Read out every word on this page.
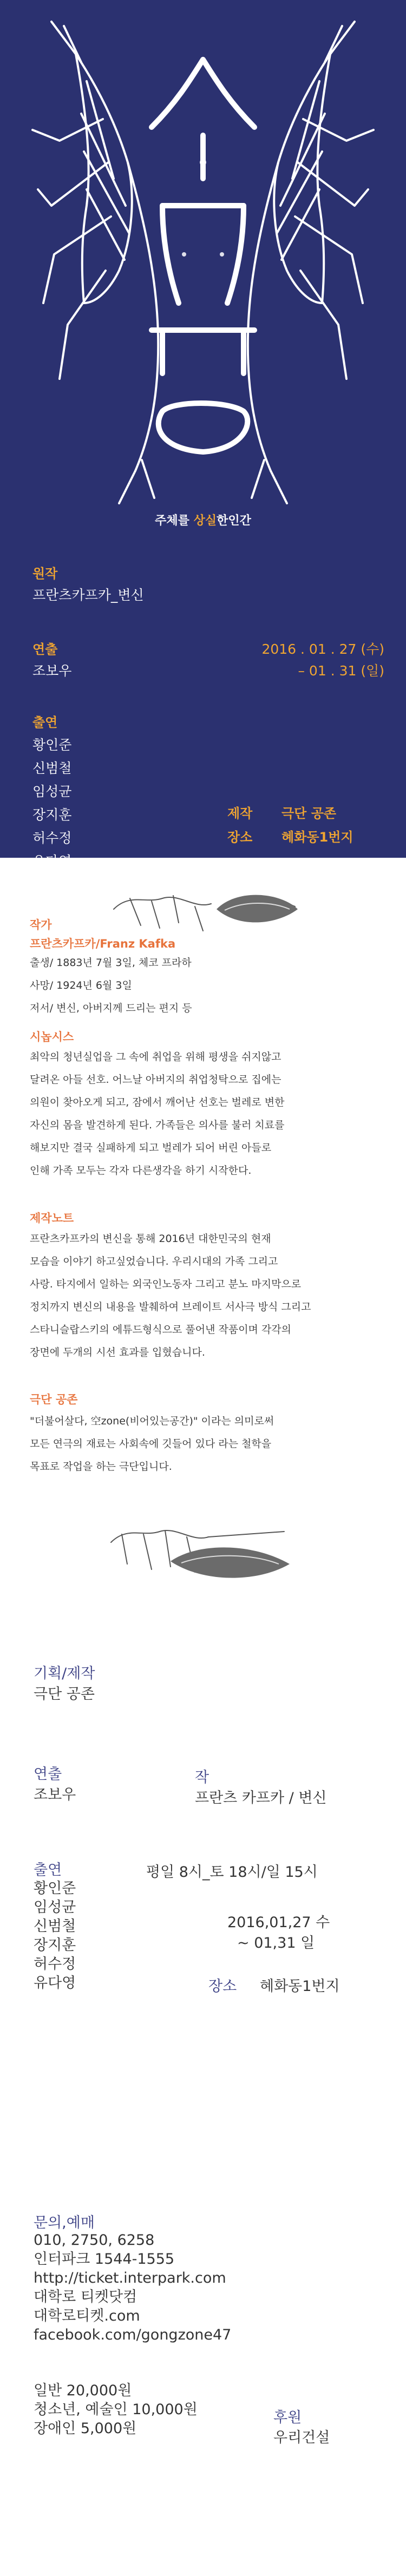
주체를 상실한인간
원작
프란츠카프카_변신
연출
조보우
2016 . 01 . 27 (수)
– 01 . 31 (일)
출연
황인준
신범철
임성균
장지훈
허수정
유다영
제작 극단 공존
장소 혜화동1번지
작가
프란츠카프카/Franz Kafka
출생/ 1883년 7월 3일, 체코 프라하
사망/ 1924년 6월 3일
저서/ 변신, 아버지께 드리는 편지 등
시놉시스
최악의 청년실업을 그 속에 취업을 위해 평생을 쉬지않고
달려온 아들 선호. 어느날 아버지의 취업청탁으로 집에는
의원이 찾아오게 되고, 잠에서 깨어난 선호는 벌레로 변한
자신의 몸을 발견하게 된다. 가족들은 의사를 불러 치료를
해보지만 결국 실패하게 되고 벌레가 되어 버린 아들로
인해 가족 모두는 각자 다른생각을 하기 시작한다.
제작노트
프란츠카프카의 변신을 통해 2016년 대한민국의 현재
모습을 이야기 하고싶었습니다. 우리시대의 가족 그리고
사랑. 타지에서 일하는 외국인노동자 그리고 분노 마지막으로
정치까지 변신의 내용을 발췌하여 브레이트 서사극 방식 그리고
스타니슬랍스키의 에튜드형식으로 풀어낸 작품이며 각각의
장면에 두개의 시선 효과를 입혔습니다.
극단 공존
"더불어살다, 空zone(비어있는공간)" 이라는 의미로써
모든 연극의 재료는 사회속에 깃들어 있다 라는 철학을
목표로 작업을 하는 극단입니다.
기획/제작
극단 공존
연출
조보우
작
프란츠 카프카 / 변신
출연
황인준
임성균
신범철
장지훈
허수정
유다영
평일 8시_토 18시/일 15시
2016,01,27 수
~ 01,31 일
장소 혜화동1번지
문의,예매
010, 2750, 6258
인터파크 1544-1555
http://ticket.interpark.com
대학로 티켓닷컴
대학로티켓.com
facebook.com/gongzone47
일반 20,000원
청소년, 예술인 10,000원
장애인 5,000원
후원
우리건설
